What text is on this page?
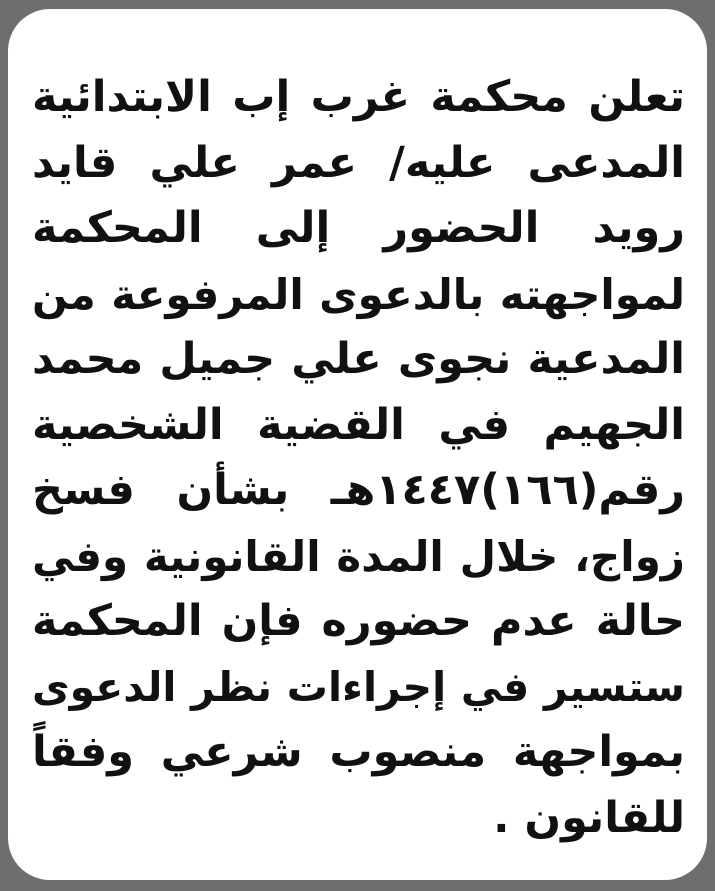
تعلن محكمة غرب إب الابتدائية
المدعى عليه/ عمر علي قايد
رويد الحضور إلى المحكمة
لمواجهته بالدعوى المرفوعة من
المدعية نجوى علي جميل محمد
الجهيم في القضية الشخصية
رقم(١٦٦)١٤٤٧هـ بشأن فسخ
زواج، خلال المدة القانونية وفي
حالة عدم حضوره فإن المحكمة
ستسير في إجراءات نظر الدعوى
بمواجهة منصوب شرعي وفقاً
للقانون .
